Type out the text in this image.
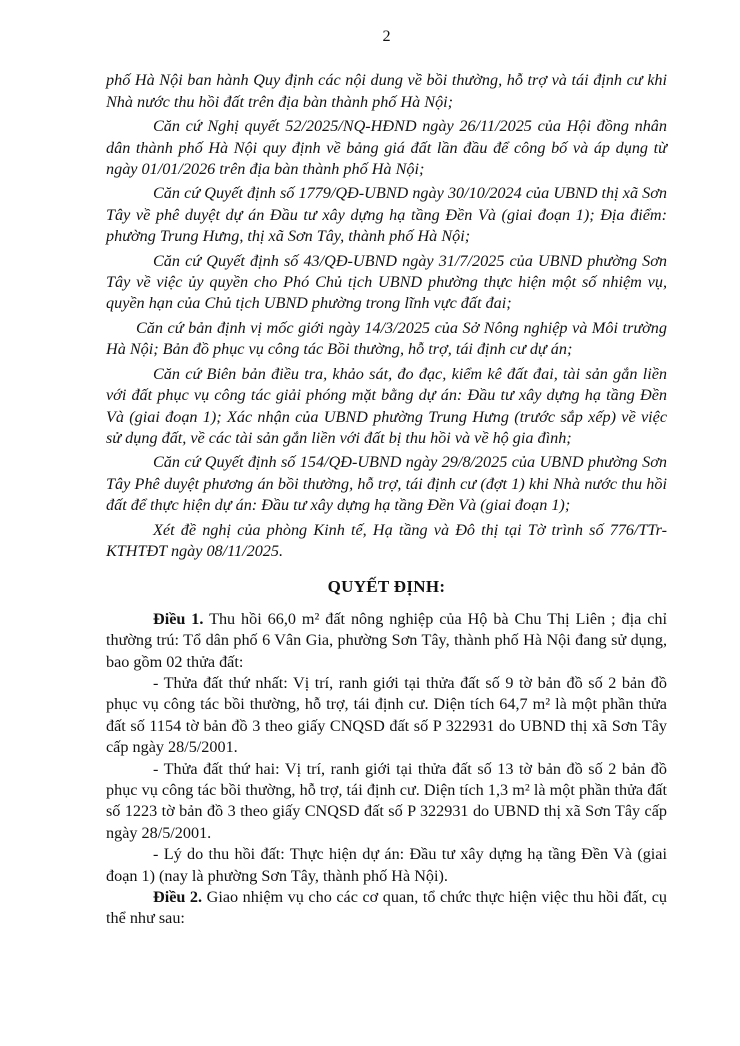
2

phố Hà Nội ban hành Quy định các nội dung về bồi thường, hỗ trợ và tái định cư khi Nhà nước thu hồi đất trên địa bàn thành phố Hà Nội;

Căn cứ Nghị quyết 52/2025/NQ-HĐND ngày 26/11/2025 của Hội đồng nhân dân thành phố Hà Nội quy định về bảng giá đất lần đầu để công bố và áp dụng từ ngày 01/01/2026 trên địa bàn thành phố Hà Nội;

Căn cứ Quyết định số 1779/QĐ-UBND ngày 30/10/2024 của UBND thị xã Sơn Tây về phê duyệt dự án Đầu tư xây dựng hạ tầng Đền Và (giai đoạn 1); Địa điểm: phường Trung Hưng, thị xã Sơn Tây, thành phố Hà Nội;

Căn cứ Quyết định số 43/QĐ-UBND ngày 31/7/2025 của UBND phường Sơn Tây về việc ủy quyền cho Phó Chủ tịch UBND phường thực hiện một số nhiệm vụ, quyền hạn của Chủ tịch UBND phường trong lĩnh vực đất đai;

Căn cứ bản định vị mốc giới ngày 14/3/2025 của Sở Nông nghiệp và Môi trường Hà Nội; Bản đồ phục vụ công tác Bồi thường, hỗ trợ, tái định cư dự án;

Căn cứ Biên bản điều tra, khảo sát, đo đạc, kiểm kê đất đai, tài sản gắn liền với đất phục vụ công tác giải phóng mặt bằng dự án: Đầu tư xây dựng hạ tầng Đền Và (giai đoạn 1); Xác nhận của UBND phường Trung Hưng (trước sắp xếp) về việc sử dụng đất, về các tài sản gắn liền với đất bị thu hồi và về hộ gia đình;

Căn cứ Quyết định số 154/QĐ-UBND ngày 29/8/2025 của UBND phường Sơn Tây Phê duyệt phương án bồi thường, hỗ trợ, tái định cư (đợt 1) khi Nhà nước thu hồi đất để thực hiện dự án: Đầu tư xây dựng hạ tầng Đền Và (giai đoạn 1);

Xét đề nghị của phòng Kinh tế, Hạ tầng và Đô thị tại Tờ trình số 776/TTr-KTHTĐT ngày 08/11/2025.

QUYẾT ĐỊNH:

Điều 1. Thu hồi 66,0 m² đất nông nghiệp của Hộ bà Chu Thị Liên ; địa chỉ thường trú: Tổ dân phố 6 Vân Gia, phường Sơn Tây, thành phố Hà Nội đang sử dụng, bao gồm 02 thửa đất:

- Thửa đất thứ nhất: Vị trí, ranh giới tại thửa đất số 9 tờ bản đồ số 2 bản đồ phục vụ công tác bồi thường, hỗ trợ, tái định cư. Diện tích 64,7 m² là một phần thửa đất số 1154 tờ bản đồ 3 theo giấy CNQSD đất số P 322931 do UBND thị xã Sơn Tây cấp ngày 28/5/2001.

- Thửa đất thứ hai: Vị trí, ranh giới tại thửa đất số 13 tờ bản đồ số 2 bản đồ phục vụ công tác bồi thường, hỗ trợ, tái định cư. Diện tích 1,3 m² là một phần thửa đất số 1223 tờ bản đồ 3 theo giấy CNQSD đất số P 322931 do UBND thị xã Sơn Tây cấp ngày 28/5/2001.

- Lý do thu hồi đất: Thực hiện dự án: Đầu tư xây dựng hạ tầng Đền Và (giai đoạn 1) (nay là phường Sơn Tây, thành phố Hà Nội).

Điều 2. Giao nhiệm vụ cho các cơ quan, tổ chức thực hiện việc thu hồi đất, cụ thể như sau:
